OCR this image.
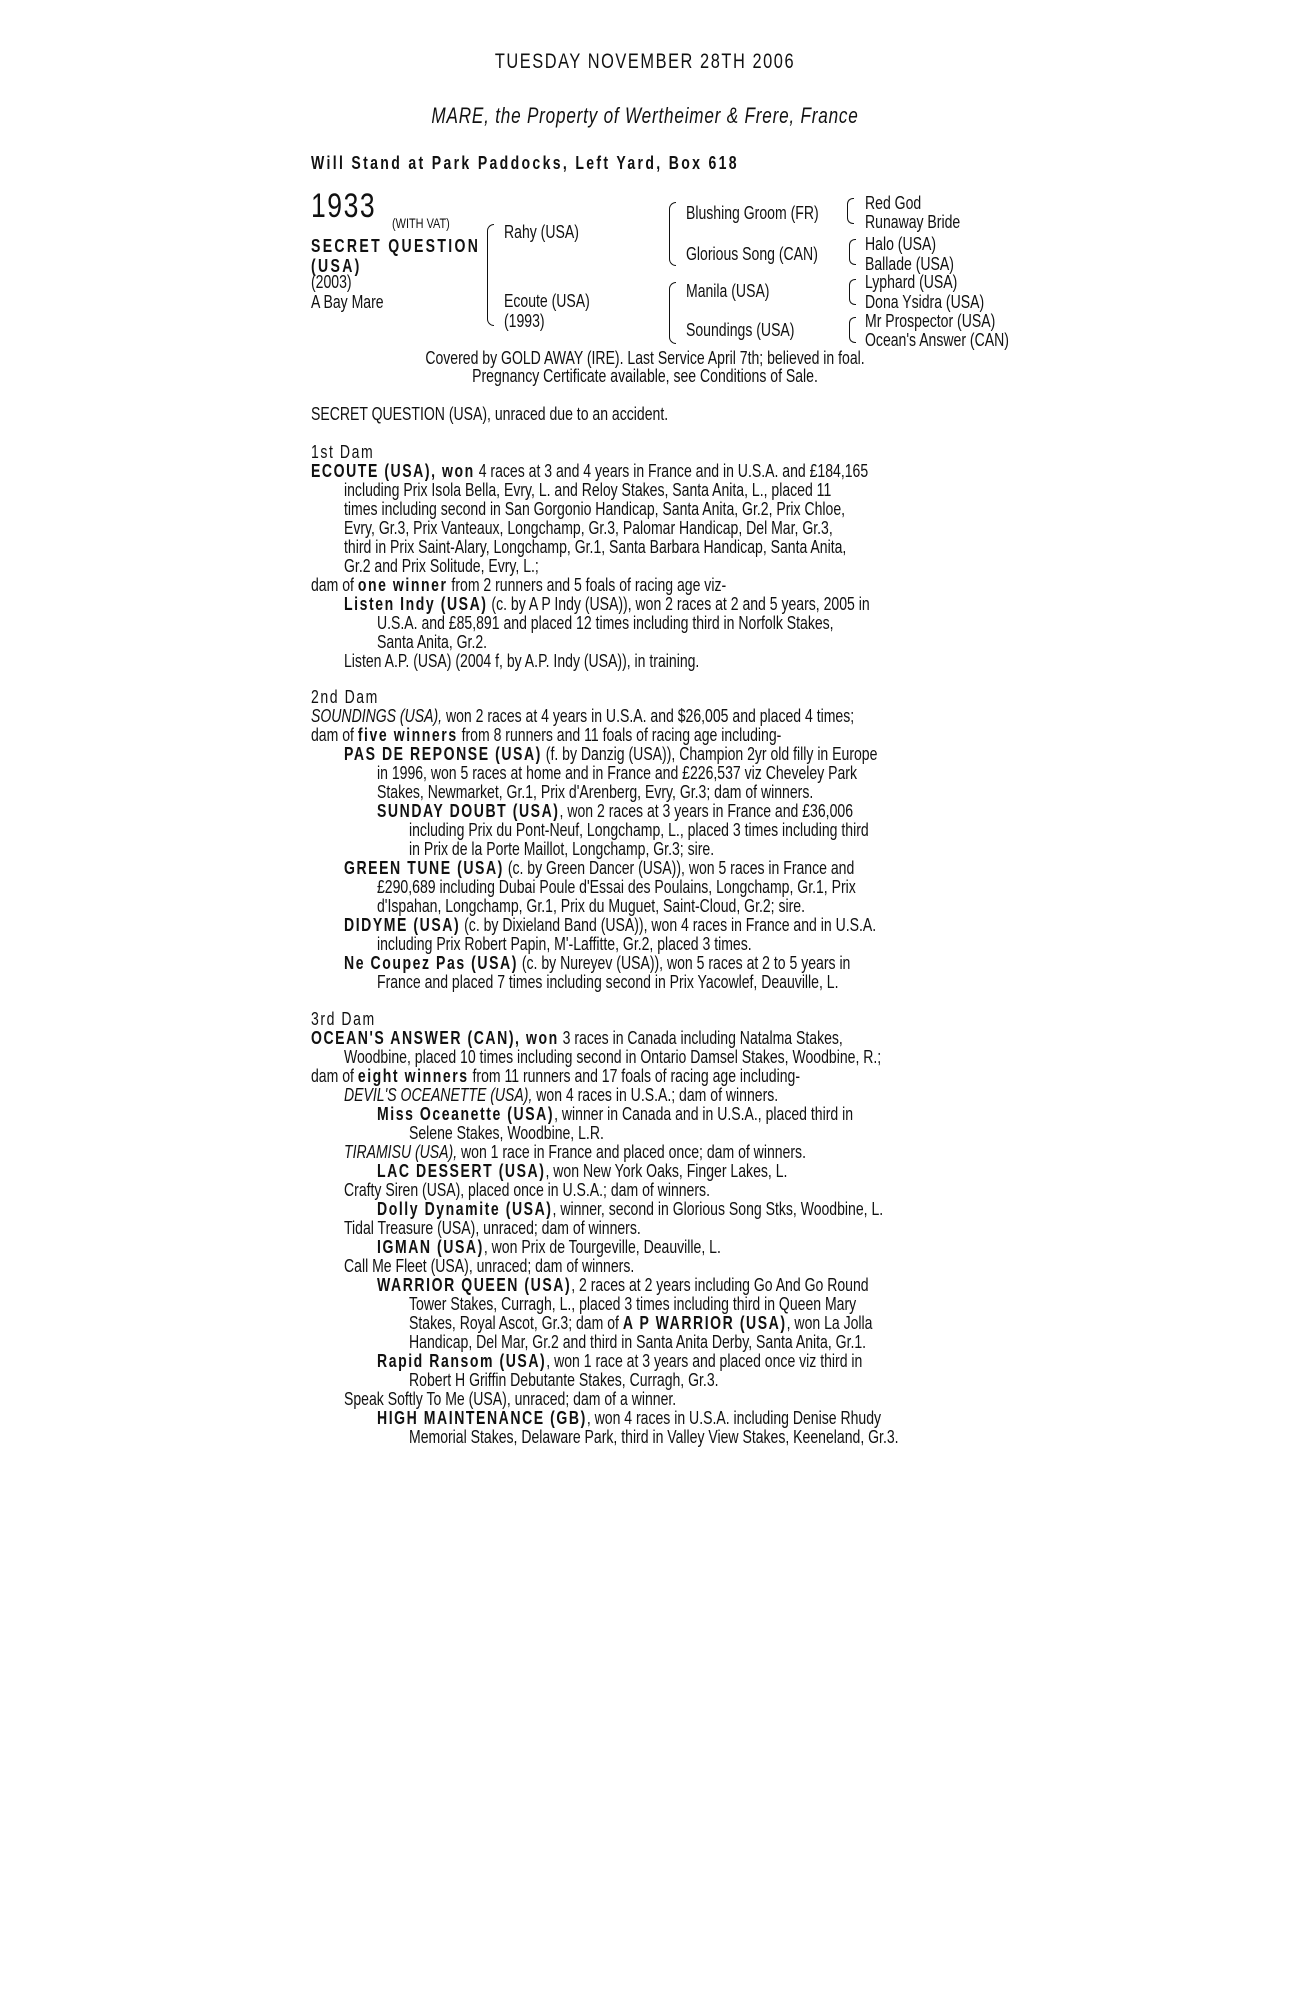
TUESDAY NOVEMBER 28TH 2006
MARE, the Property of Wertheimer & Frere, France
Will Stand at Park Paddocks, Left Yard, Box 618
1933 (WITH VAT)
SECRET QUESTION
(USA)
(2003)
A Bay Mare
Rahy (USA)
Ecoute (USA)
(1993)
Blushing Groom (FR)
Glorious Song (CAN)
Manila (USA)
Soundings (USA)
Red God
Runaway Bride
Halo (USA)
Ballade (USA)
Lyphard (USA)
Dona Ysidra (USA)
Mr Prospector (USA)
Ocean's Answer (CAN)
Covered by GOLD AWAY (IRE). Last Service April 7th; believed in foal.
Pregnancy Certificate available, see Conditions of Sale.
SECRET QUESTION (USA), unraced due to an accident.
1st Dam
ECOUTE (USA), won 4 races at 3 and 4 years in France and in U.S.A. and £184,165
including Prix Isola Bella, Evry, L. and Reloy Stakes, Santa Anita, L., placed 11
times including second in San Gorgonio Handicap, Santa Anita, Gr.2, Prix Chloe,
Evry, Gr.3, Prix Vanteaux, Longchamp, Gr.3, Palomar Handicap, Del Mar, Gr.3,
third in Prix Saint-Alary, Longchamp, Gr.1, Santa Barbara Handicap, Santa Anita,
Gr.2 and Prix Solitude, Evry, L.;
dam of one winner from 2 runners and 5 foals of racing age viz-
Listen Indy (USA) (c. by A P Indy (USA)), won 2 races at 2 and 5 years, 2005 in
U.S.A. and £85,891 and placed 12 times including third in Norfolk Stakes,
Santa Anita, Gr.2.
Listen A.P. (USA) (2004 f, by A.P. Indy (USA)), in training.
2nd Dam
SOUNDINGS (USA), won 2 races at 4 years in U.S.A. and $26,005 and placed 4 times;
dam of five winners from 8 runners and 11 foals of racing age including-
PAS DE REPONSE (USA) (f. by Danzig (USA)), Champion 2yr old filly in Europe
in 1996, won 5 races at home and in France and £226,537 viz Cheveley Park
Stakes, Newmarket, Gr.1, Prix d'Arenberg, Evry, Gr.3; dam of winners.
SUNDAY DOUBT (USA), won 2 races at 3 years in France and £36,006
including Prix du Pont-Neuf, Longchamp, L., placed 3 times including third
in Prix de la Porte Maillot, Longchamp, Gr.3; sire.
GREEN TUNE (USA) (c. by Green Dancer (USA)), won 5 races in France and
£290,689 including Dubai Poule d'Essai des Poulains, Longchamp, Gr.1, Prix
d'Ispahan, Longchamp, Gr.1, Prix du Muguet, Saint-Cloud, Gr.2; sire.
DIDYME (USA) (c. by Dixieland Band (USA)), won 4 races in France and in U.S.A.
including Prix Robert Papin, M'-Laffitte, Gr.2, placed 3 times.
Ne Coupez Pas (USA) (c. by Nureyev (USA)), won 5 races at 2 to 5 years in
France and placed 7 times including second in Prix Yacowlef, Deauville, L.
3rd Dam
OCEAN'S ANSWER (CAN), won 3 races in Canada including Natalma Stakes,
Woodbine, placed 10 times including second in Ontario Damsel Stakes, Woodbine, R.;
dam of eight winners from 11 runners and 17 foals of racing age including-
DEVIL'S OCEANETTE (USA), won 4 races in U.S.A.; dam of winners.
Miss Oceanette (USA), winner in Canada and in U.S.A., placed third in
Selene Stakes, Woodbine, L.R.
TIRAMISU (USA), won 1 race in France and placed once; dam of winners.
LAC DESSERT (USA), won New York Oaks, Finger Lakes, L.
Crafty Siren (USA), placed once in U.S.A.; dam of winners.
Dolly Dynamite (USA), winner, second in Glorious Song Stks, Woodbine, L.
Tidal Treasure (USA), unraced; dam of winners.
IGMAN (USA), won Prix de Tourgeville, Deauville, L.
Call Me Fleet (USA), unraced; dam of winners.
WARRIOR QUEEN (USA), 2 races at 2 years including Go And Go Round
Tower Stakes, Curragh, L., placed 3 times including third in Queen Mary
Stakes, Royal Ascot, Gr.3; dam of A P WARRIOR (USA), won La Jolla
Handicap, Del Mar, Gr.2 and third in Santa Anita Derby, Santa Anita, Gr.1.
Rapid Ransom (USA), won 1 race at 3 years and placed once viz third in
Robert H Griffin Debutante Stakes, Curragh, Gr.3.
Speak Softly To Me (USA), unraced; dam of a winner.
HIGH MAINTENANCE (GB), won 4 races in U.S.A. including Denise Rhudy
Memorial Stakes, Delaware Park, third in Valley View Stakes, Keeneland, Gr.3.
